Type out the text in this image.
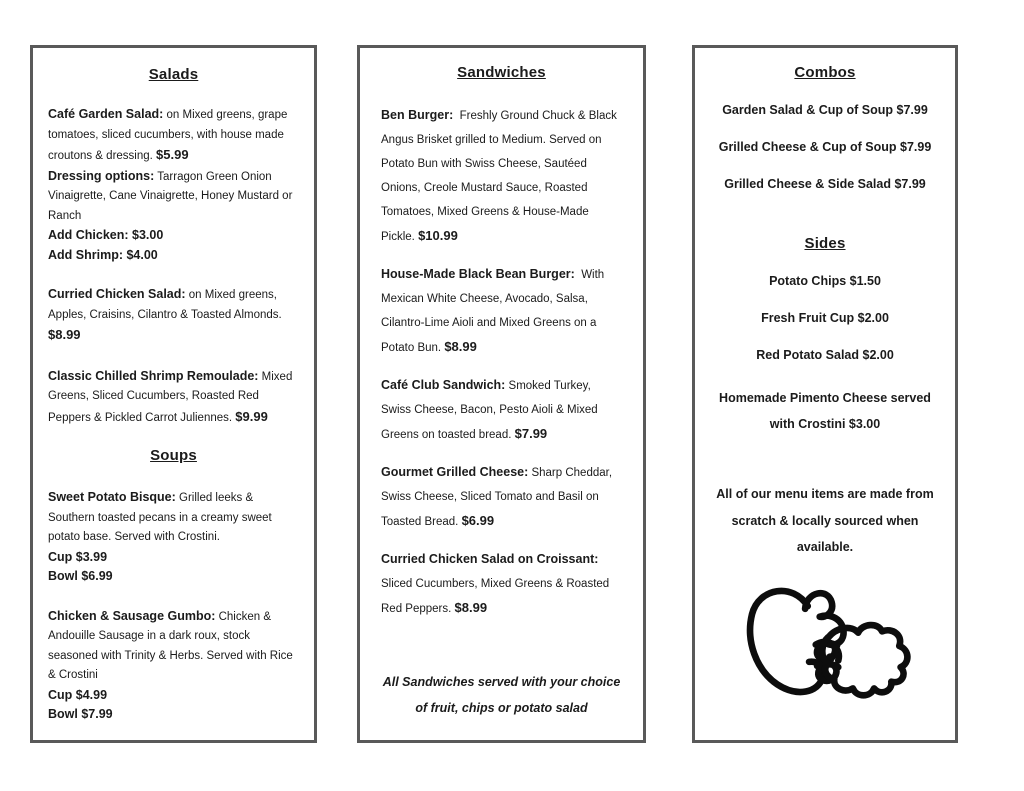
Salads

Café Garden Salad: on Mixed greens, grape tomatoes, sliced cucumbers, with house made croutons & dressing. $5.99

Dressing options: Tarragon Green Onion Vinaigrette, Cane Vinaigrette, Honey Mustard or Ranch

Add Chicken: $3.00

Add Shrimp: $4.00

Curried Chicken Salad: on Mixed greens, Apples, Craisins, Cilantro & Toasted Almonds. $8.99

Classic Chilled Shrimp Remoulade: Mixed Greens, Sliced Cucumbers, Roasted Red Peppers & Pickled Carrot Juliennes. $9.99

Soups

Sweet Potato Bisque: Grilled leeks & Southern toasted pecans in a creamy sweet potato base. Served with Crostini.

Cup $3.99

Bowl $6.99

Chicken & Sausage Gumbo: Chicken & Andouille Sausage in a dark roux, stock seasoned with Trinity & Herbs. Served with Rice & Crostini

Cup $4.99

Bowl $7.99

Sandwiches

Ben Burger: Freshly Ground Chuck & Black Angus Brisket grilled to Medium. Served on Potato Bun with Swiss Cheese, Sautéed Onions, Creole Mustard Sauce, Roasted Tomatoes, Mixed Greens & House-Made Pickle. $10.99

House-Made Black Bean Burger: With Mexican White Cheese, Avocado, Salsa, Cilantro-Lime Aioli and Mixed Greens on a Potato Bun. $8.99

Café Club Sandwich: Smoked Turkey, Swiss Cheese, Bacon, Pesto Aioli & Mixed Greens on toasted bread. $7.99

Gourmet Grilled Cheese: Sharp Cheddar, Swiss Cheese, Sliced Tomato and Basil on Toasted Bread. $6.99

Curried Chicken Salad on Croissant: Sliced Cucumbers, Mixed Greens & Roasted Red Peppers. $8.99

All Sandwiches served with your choice of fruit, chips or potato salad

Combos

Garden Salad & Cup of Soup $7.99

Grilled Cheese & Cup of Soup $7.99

Grilled Cheese & Side Salad $7.99

Sides

Potato Chips $1.50

Fresh Fruit Cup $2.00

Red Potato Salad $2.00

Homemade Pimento Cheese served with Crostini $3.00

All of our menu items are made from scratch & locally sourced when available.
